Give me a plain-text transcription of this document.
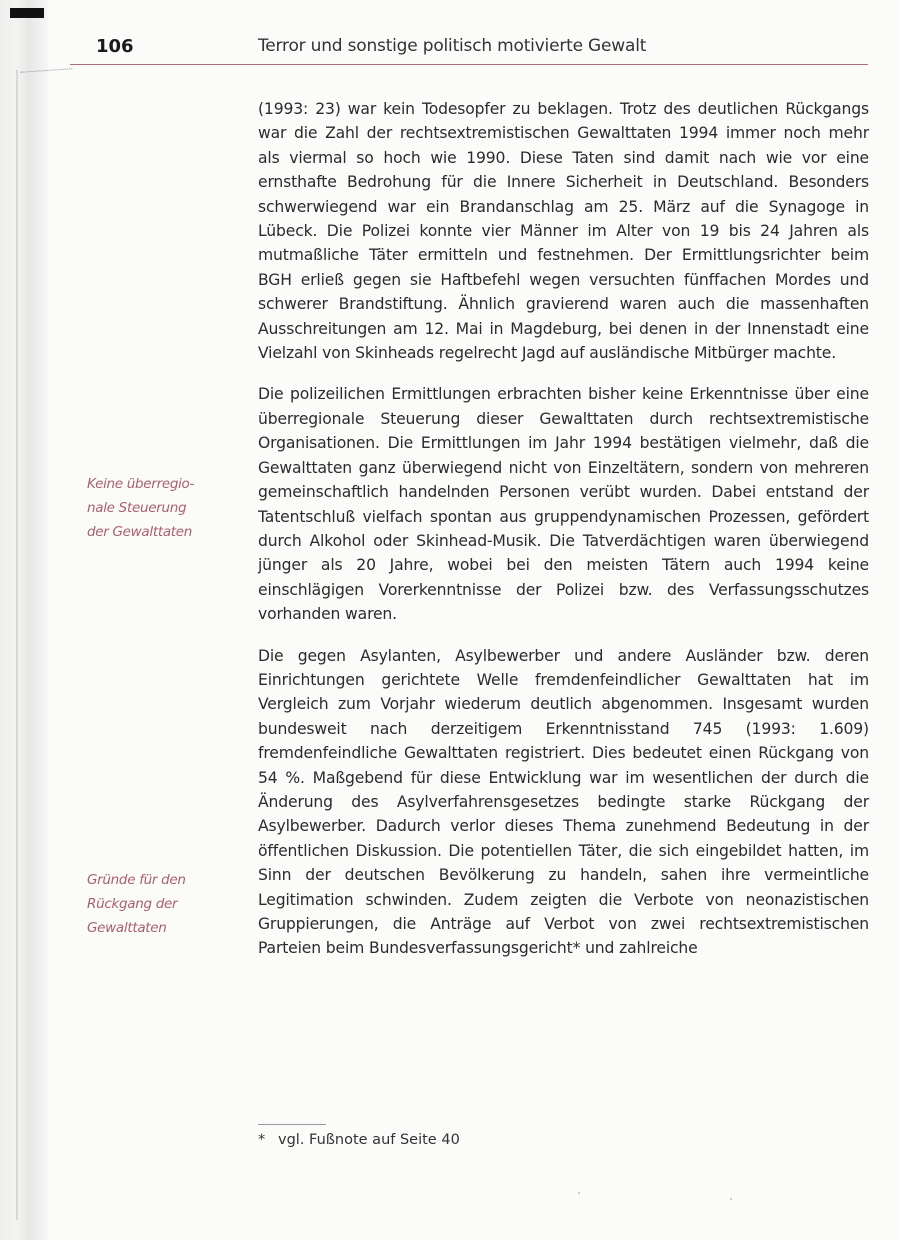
106	Terror und sonstige politisch motivierte Gewalt
Keine überregio-
nale Steuerung
der Gewalttaten
Gründe für den
Rückgang der
Gewalttaten

(1993: 23) war kein Todesopfer zu beklagen. Trotz des deutlichen Rückgangs war die Zahl der rechtsextremistischen Gewalttaten 1994 immer noch mehr als viermal so hoch wie 1990. Diese Taten sind damit nach wie vor eine ernsthafte Bedrohung für die Innere Sicherheit in Deutschland. Besonders schwerwiegend war ein Brandanschlag am 25. März auf die Synagoge in Lübeck. Die Polizei konnte vier Männer im Alter von 19 bis 24 Jahren als mutmaßliche Täter ermitteln und festnehmen. Der Ermittlungsrichter beim BGH erließ gegen sie Haftbefehl wegen versuchten fünffachen Mordes und schwerer Brandstiftung. Ähnlich gravierend waren auch die massenhaften Ausschreitungen am 12. Mai in Magdeburg, bei denen in der Innenstadt eine Vielzahl von Skinheads regelrecht Jagd auf ausländische Mitbürger machte.

Die polizeilichen Ermittlungen erbrachten bisher keine Erkenntnisse über eine überregionale Steuerung dieser Gewalttaten durch rechtsextremistische Organisationen. Die Ermittlungen im Jahr 1994 bestätigen vielmehr, daß die Gewalttaten ganz überwiegend nicht von Einzeltätern, sondern von mehreren gemeinschaftlich handelnden Personen verübt wurden. Dabei entstand der Tatentschluß vielfach spontan aus gruppendynamischen Prozessen, gefördert durch Alkohol oder Skinhead-Musik. Die Tatverdächtigen waren überwiegend jünger als 20 Jahre, wobei bei den meisten Tätern auch 1994 keine einschlägigen Vorerkenntnisse der Polizei bzw. des Verfassungsschutzes vorhanden waren.

Die gegen Asylanten, Asylbewerber und andere Ausländer bzw. deren Einrichtungen gerichtete Welle fremdenfeindlicher Gewalttaten hat im Vergleich zum Vorjahr wiederum deutlich abgenommen. Insgesamt wurden bundesweit nach derzeitigem Erkenntnisstand 745 (1993: 1.609) fremdenfeindliche Gewalttaten registriert. Dies bedeutet einen Rückgang von 54 %. Maßgebend für diese Entwicklung war im wesentlichen der durch die Änderung des Asylverfahrensgesetzes bedingte starke Rückgang der Asylbewerber. Dadurch verlor dieses Thema zunehmend Bedeutung in der öffentlichen Diskussion. Die potentiellen Täter, die sich eingebildet hatten, im Sinn der deutschen Bevölkerung zu handeln, sahen ihre vermeintliche Legitimation schwinden. Zudem zeigten die Verbote von neonazistischen Gruppierungen, die Anträge auf Verbot von zwei rechtsextremistischen Parteien beim Bundesverfassungsgericht* und zahlreiche

* vgl. Fußnote auf Seite 40
